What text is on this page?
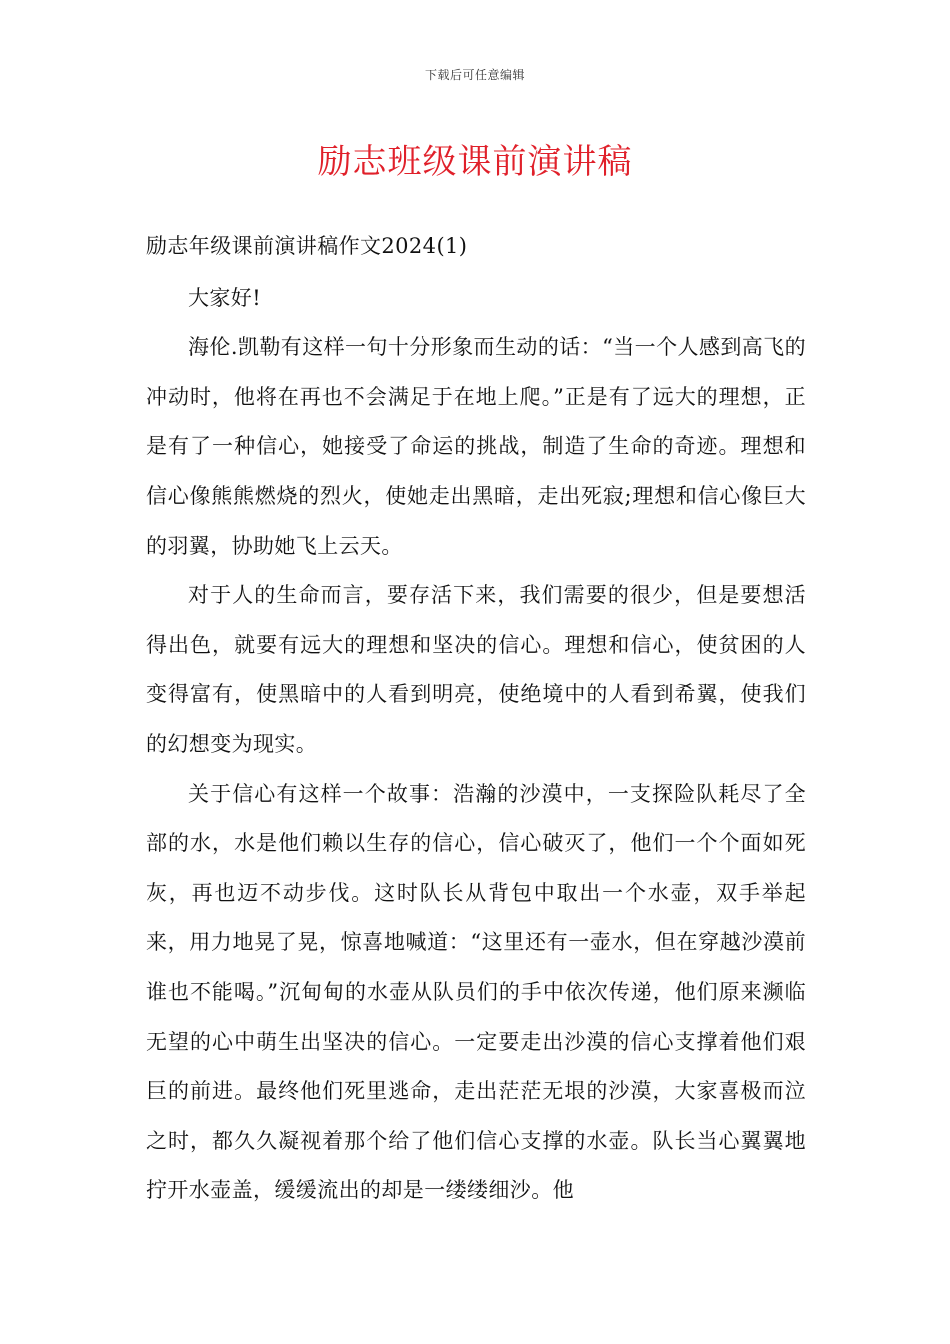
下载后可任意编辑
励志班级课前演讲稿

励志年级课前演讲稿作文2024(1)

大家好!

海伦.凯勒有这样一句十分形象而生动的话：“当一个人感到高飞的冲动时，他将在再也不会满足于在地上爬。”正是有了远大的理想，正是有了一种信心，她接受了命运的挑战，制造了生命的奇迹。理想和信心像熊熊燃烧的烈火，使她走出黑暗，走出死寂;理想和信心像巨大的羽翼，协助她飞上云天。

对于人的生命而言，要存活下来，我们需要的很少，但是要想活得出色，就要有远大的理想和坚决的信心。理想和信心，使贫困的人变得富有，使黑暗中的人看到明亮，使绝境中的人看到希翼，使我们的幻想变为现实。

关于信心有这样一个故事：浩瀚的沙漠中，一支探险队耗尽了全部的水，水是他们赖以生存的信心，信心破灭了，他们一个个面如死灰，再也迈不动步伐。这时队长从背包中取出一个水壶，双手举起来，用力地晃了晃，惊喜地喊道：“这里还有一壶水，但在穿越沙漠前谁也不能喝。”沉甸甸的水壶从队员们的手中依次传递，他们原来濒临无望的心中萌生出坚决的信心。一定要走出沙漠的信心支撑着他们艰巨的前进。最终他们死里逃命，走出茫茫无垠的沙漠，大家喜极而泣之时，都久久凝视着那个给了他们信心支撑的水壶。队长当心翼翼地拧开水壶盖，缓缓流出的却是一缕缕细沙。他
